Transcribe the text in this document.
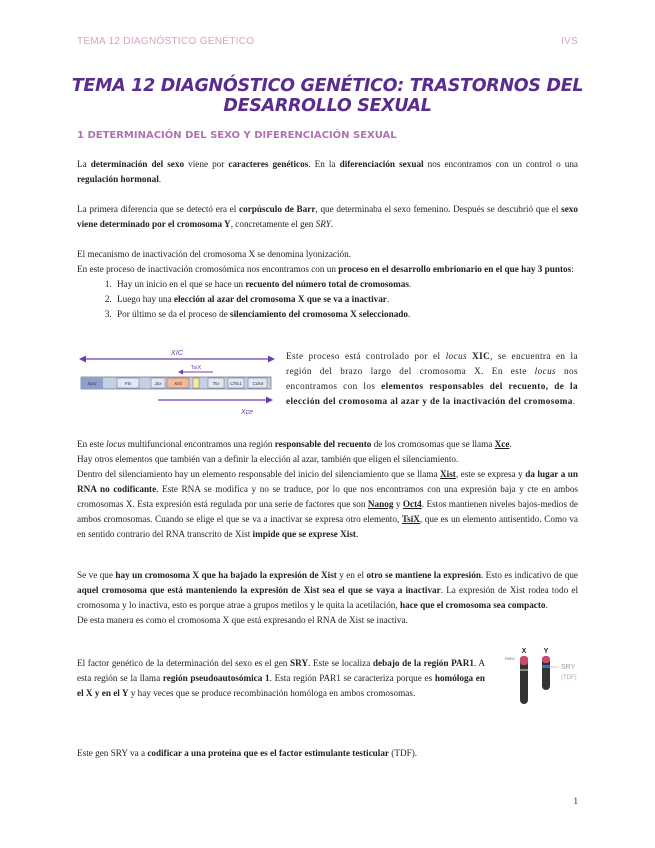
TEMA 12 DIAGNÓSTICO GENÉTICO	IVS
TEMA 12 DIAGNÓSTICO GENÉTICO: TRASTORNOS DEL DESARROLLO SEXUAL
1 DETERMINACIÓN DEL SEXO Y DIFERENCIACIÓN SEXUAL
La determinación del sexo viene por caracteres genéticos. En la diferenciación sexual nos encontramos con un control o una regulación hormonal.
La primera diferencia que se detectó era el corpúsculo de Barr, que determinaba el sexo femenino. Después se descubrió que el sexo viene determinado por el cromosoma Y, concretamente el gen SRY.
El mecanismo de inactivación del cromosoma X se denomina lyonización.
En este proceso de inactivación cromosómica nos encontramos con un proceso en el desarrollo embrionario en el que hay 3 puntos:
1. Hay un inicio en el que se hace un recuento del número total de cromosomas.
2. Luego hay una elección al azar del cromosoma X que se va a inactivar.
3. Por último se da el proceso de silenciamiento del cromosoma X seleccionado.
XIC
TsiX
Cdx4
Chic1
Tsx
Xist
Jpx
Ftx
Xpct
Xce
Este proceso está controlado por el locus XIC, se encuentra en la región del brazo largo del cromosoma X. En este locus nos encontramos con los elementos responsables del recuento, de la elección del cromosoma al azar y de la inactivación del cromosoma.
En este locus multifuncional encontramos una región responsable del recuento de los cromosomas que se llama Xce.
Hay otros elementos que también van a definir la elección al azar, también que eligen el silenciamiento.
Dentro del silenciamiento hay un elemento responsable del inicio del silenciamiento que se llama Xist, este se expresa y da lugar a un RNA no codificante. Este RNA se modifica y no se traduce, por lo que nos encontramos con una expresión baja y cte en ambos cromosomas X. Esta expresión está regulada por una serie de factores que son Nanog y Oct4. Estos mantienen niveles bajos-medios de ambos cromosomas. Cuando se elige el que se va a inactivar se expresa otro elemento, TsiX, que es un elemento antisentido. Como va en sentido contrario del RNA transcrito de Xist impide que se exprese Xist.
Se ve que hay un cromosoma X que ha bajado la expresión de Xist y en el otro se mantiene la expresión. Esto es indicativo de que aquel cromosoma que está manteniendo la expresión de Xist sea el que se vaya a inactivar. La expresión de Xist rodea todo el cromosoma y lo inactiva, esto es porque atrae a grupos metilos y le quita la acetilación, hace que el cromosoma sea compacto.
De esta manera es como el cromosoma X que está expresando el RNA de Xist se inactiva.
El factor genético de la determinación del sexo es el gen SRY. Este se localiza debajo de la región PAR1. A esta región se la llama región pseudoautosómica 1. Esta región PAR1 se caracteriza porque es homóloga en el X y en el Y y hay veces que se produce recombinación homóloga en ambos cromosomas.
X Y
PAR1
SRY
(TDF)
Este gen SRY va a codificar a una proteína que es el factor estimulante testicular (TDF).
1
